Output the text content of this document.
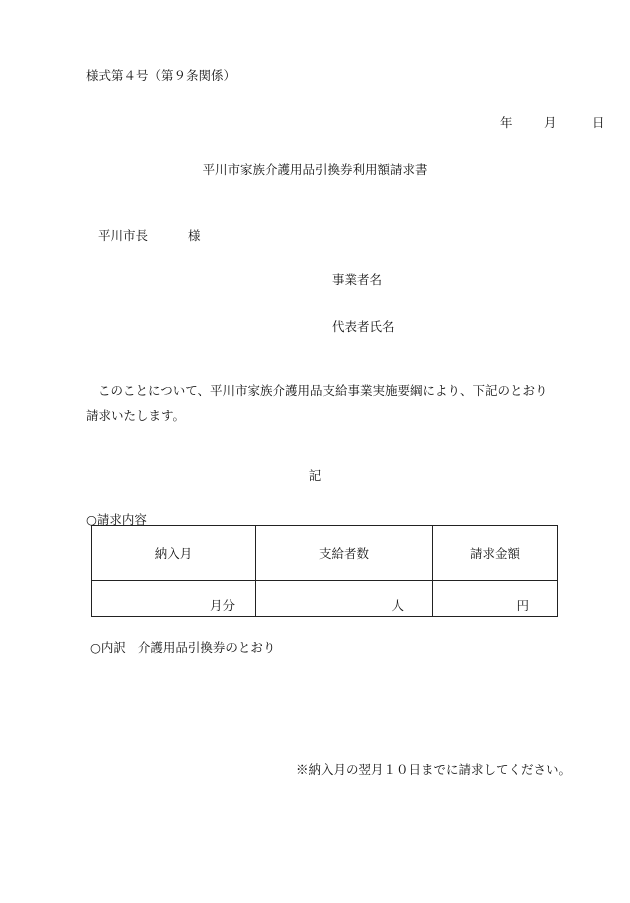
様式第４号（第９条関係）
年	月	日
平川市家族介護用品引換券利用額請求書
平川市長	様
事業者名
代表者氏名
このことについて、平川市家族介護用品支給事業実施要綱により、下記のとおり
請求いたします。
記
○請求内容
納入月	支給者数	請求金額
月分	人	円
○内訳 介護用品引換券のとおり
※納入月の翌月１０日までに請求してください。
